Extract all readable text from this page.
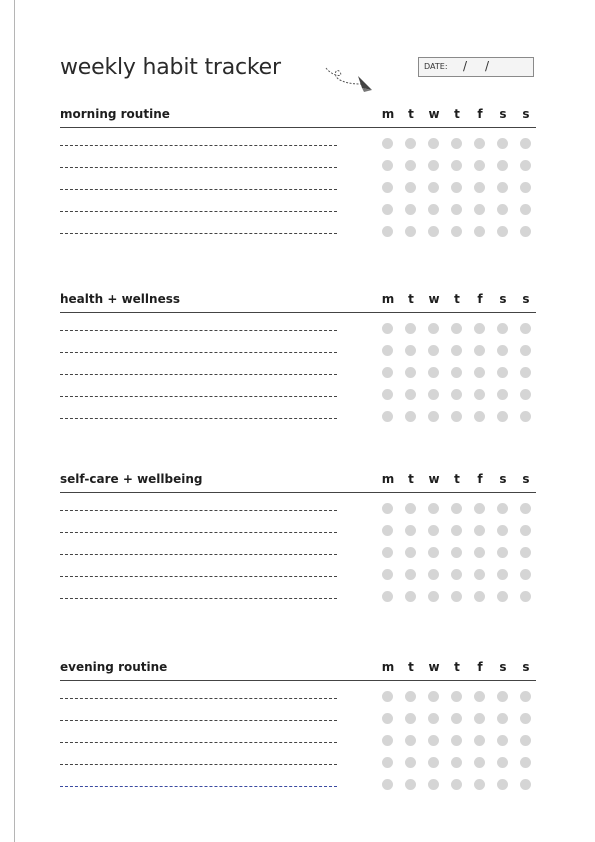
weekly habit tracker	DATE: / /
morning routine	m	t	w	t	f	s	s
health + wellness	m	t	w	t	f	s	s
self-care + wellbeing	m	t	w	t	f	s	s
evening routine	m	t	w	t	f	s	s
